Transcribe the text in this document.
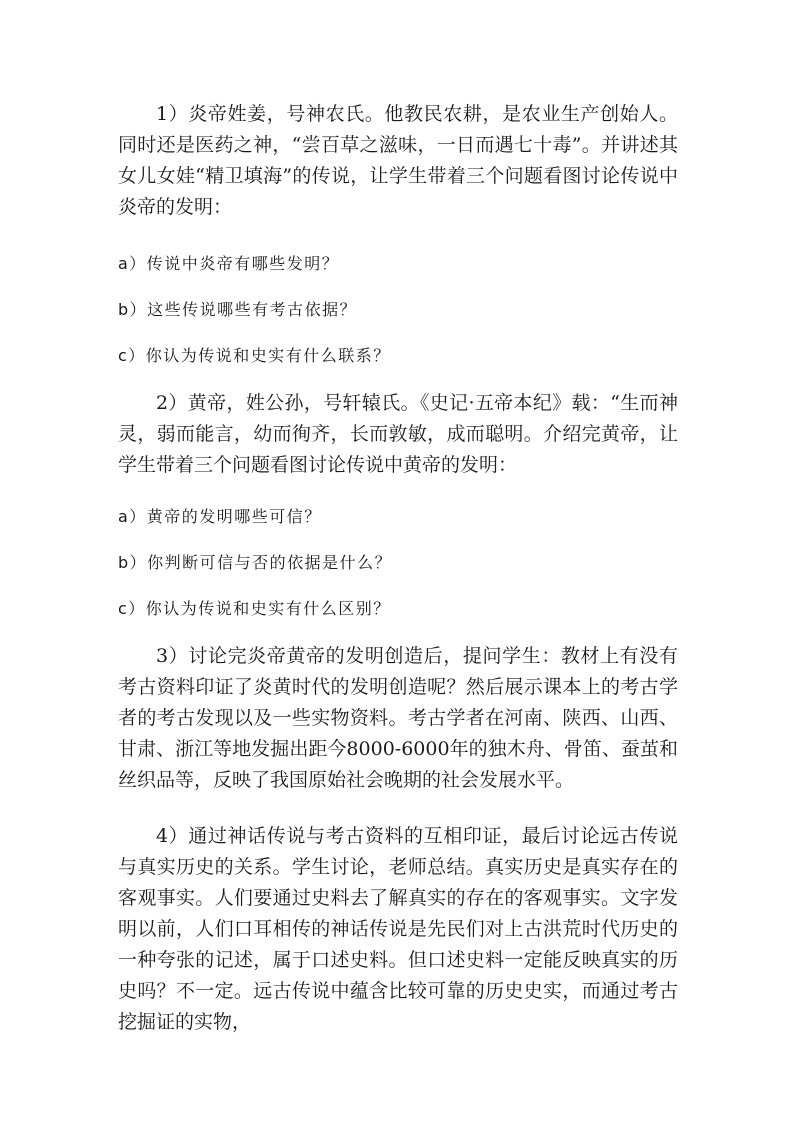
1）炎帝姓姜，号神农氏。他教民农耕，是农业生产创始人。同时还是医药之神，“尝百草之滋味，一日而遇七十毒”。并讲述其女儿女娃“精卫填海”的传说，让学生带着三个问题看图讨论传说中炎帝的发明：

a）传说中炎帝有哪些发明？

b）这些传说哪些有考古依据？

c）你认为传说和史实有什么联系？

2）黄帝，姓公孙，号轩辕氏。《史记·五帝本纪》载：“生而神灵，弱而能言，幼而徇齐，长而敦敏，成而聪明。介绍完黄帝，让学生带着三个问题看图讨论传说中黄帝的发明：

a）黄帝的发明哪些可信？

b）你判断可信与否的依据是什么？

c）你认为传说和史实有什么区别？

3）讨论完炎帝黄帝的发明创造后，提问学生：教材上有没有考古资料印证了炎黄时代的发明创造呢？然后展示课本上的考古学者的考古发现以及一些实物资料。考古学者在河南、陕西、山西、甘肃、浙江等地发掘出距今8000-6000年的独木舟、骨笛、蚕茧和丝织品等，反映了我国原始社会晚期的社会发展水平。

4）通过神话传说与考古资料的互相印证，最后讨论远古传说与真实历史的关系。学生讨论，老师总结。真实历史是真实存在的客观事实。人们要通过史料去了解真实的存在的客观事实。文字发明以前，人们口耳相传的神话传说是先民们对上古洪荒时代历史的一种夸张的记述，属于口述史料。但口述史料一定能反映真实的历史吗？不一定。远古传说中蕴含比较可靠的历史史实，而通过考古挖掘证的实物，
